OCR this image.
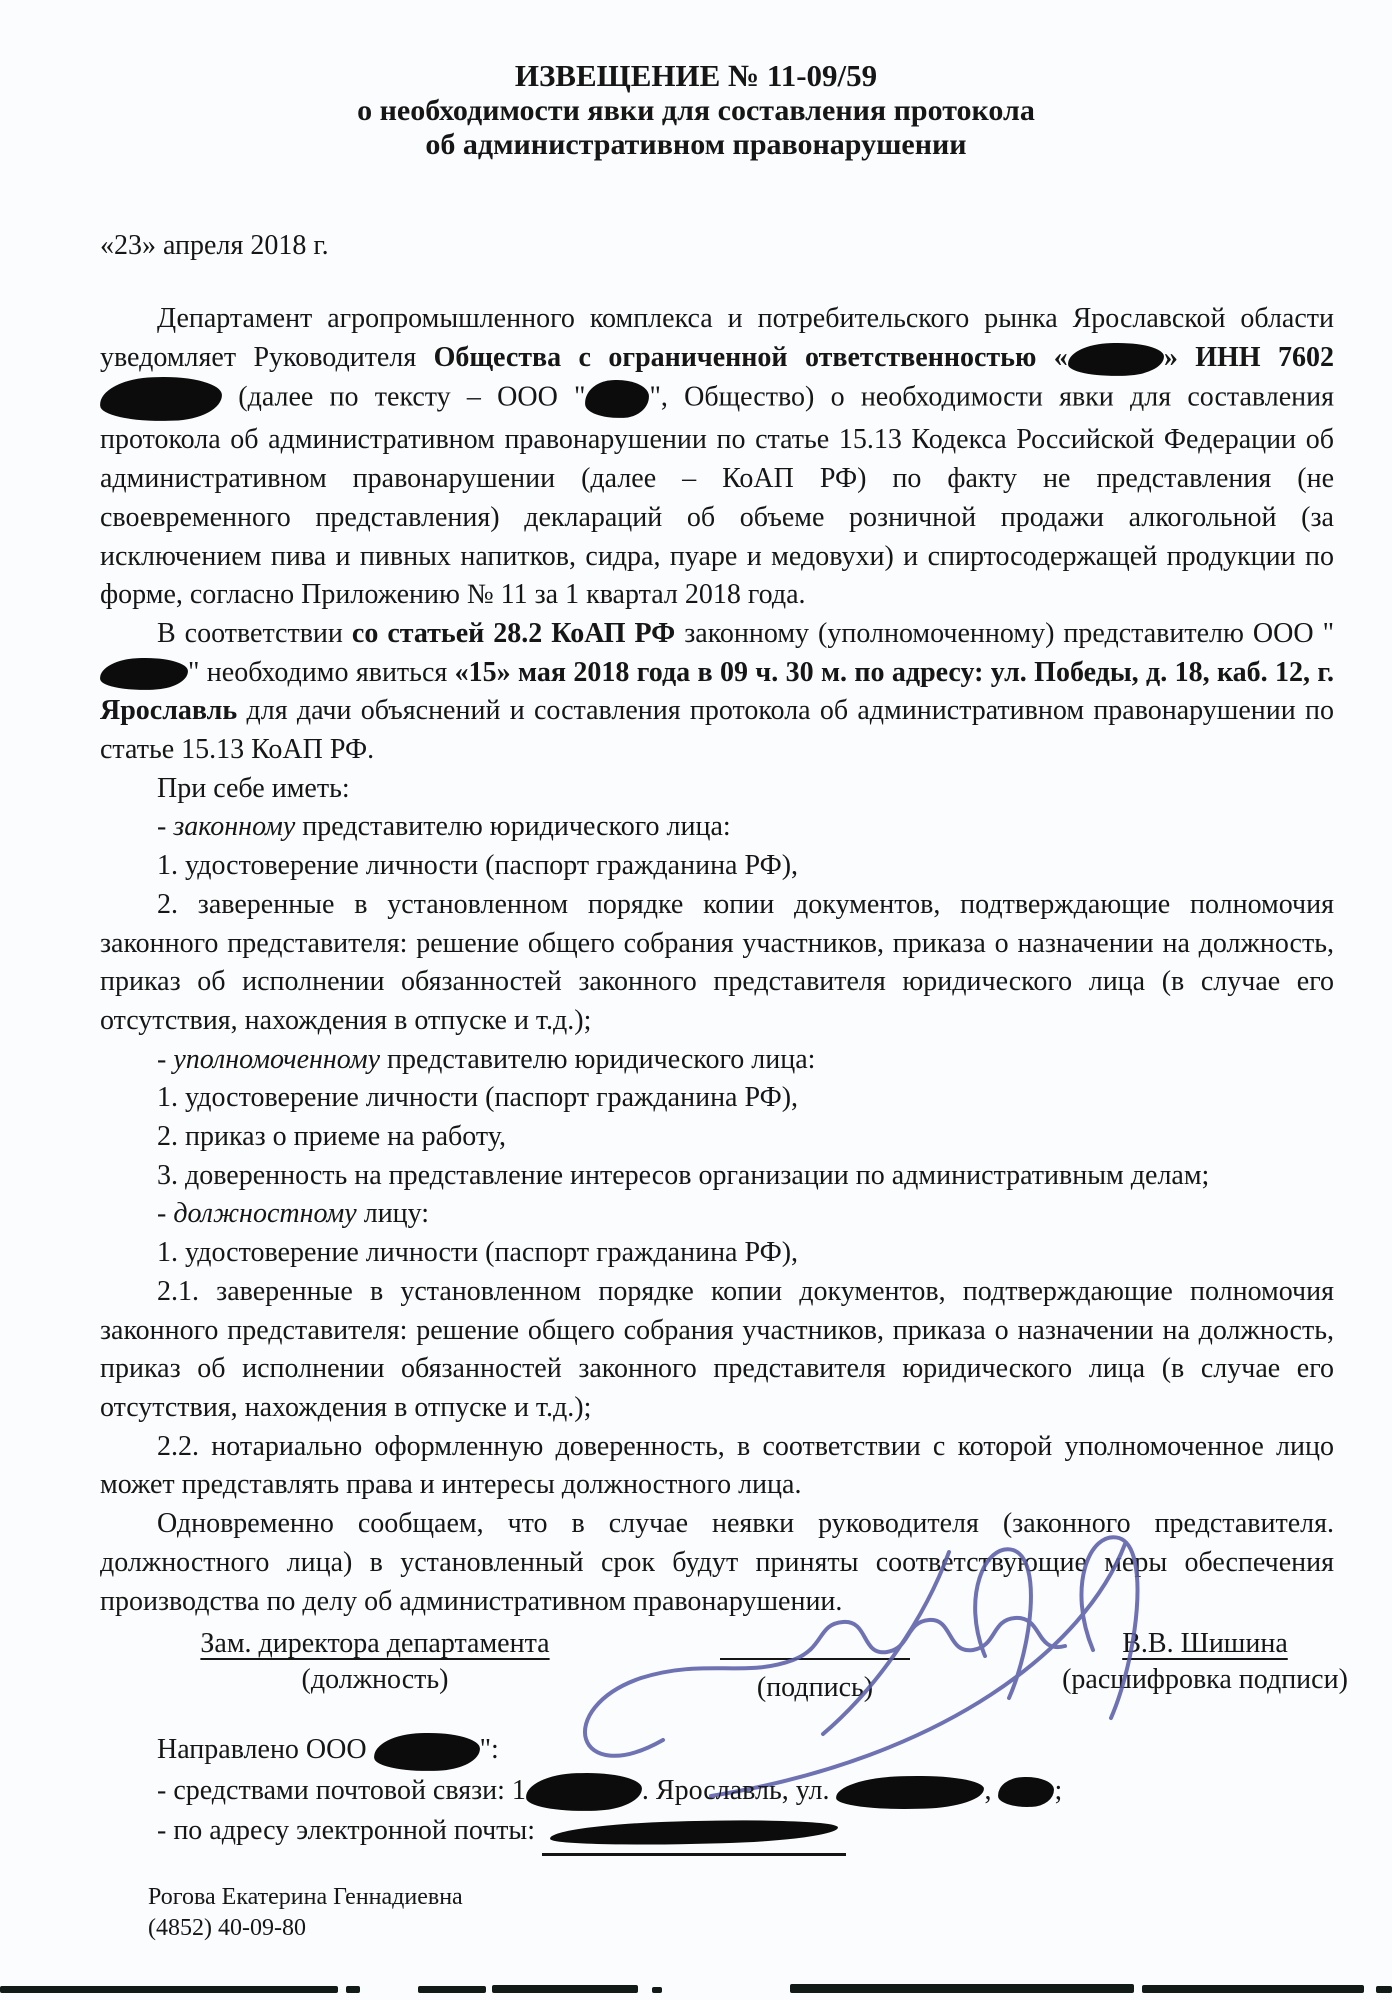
ИЗВЕЩЕНИЕ № 11-09/59
о необходимости явки для составления протокола
об административном правонарушении
«23» апреля 2018 г.

Департамент агропромышленного комплекса и потребительского рынка Ярославской области уведомляет Руководителя Общества с ограниченной ответственностью «	» ИНН 7602 (далее по тексту – ООО " ", Общество) о необходимости явки для составления протокола об административном правонарушении по статье 15.13 Кодекса Российской Федерации об административном правонарушении (далее – КоАП РФ) по факту не представления (не своевременного представления) деклараций об объеме розничной продажи алкогольной (за исключением пива и пивных напитков, сидра, пуаре и медовухи) и спиртосодержащей продукции по форме, согласно Приложению № 11 за 1 квартал 2018 года.

В соответствии со статьей 28.2 КоАП РФ законному (уполномоченному) представителю ООО "" необходимо явиться «15» мая 2018 года в 09 ч. 30 м. по адресу: ул. Победы, д. 18, каб. 12, г. Ярославль для дачи объяснений и составления протокола об административном правонарушении по статье 15.13 КоАП РФ.

При себе иметь:

- законному представителю юридического лица:

1. удостоверение личности (паспорт гражданина РФ),

2. заверенные в установленном порядке копии документов, подтверждающие полномочия законного представителя: решение общего собрания участников, приказа о назначении на должность, приказ об исполнении обязанностей законного представителя юридического лица (в случае его отсутствия, нахождения в отпуске и т.д.);

- уполномоченному представителю юридического лица:

1. удостоверение личности (паспорт гражданина РФ),

2. приказ о приеме на работу,

3. доверенность на представление интересов организации по административным делам;

- должностному лицу:

1. удостоверение личности (паспорт гражданина РФ),

2.1. заверенные в установленном порядке копии документов, подтверждающие полномочия законного представителя: решение общего собрания участников, приказа о назначении на должность, приказ об исполнении обязанностей законного представителя юридического лица (в случае его отсутствия, нахождения в отпуске и т.д.);

2.2. нотариально оформленную доверенность, в соответствии с которой уполномоченное лицо может представлять права и интересы должностного лица.

Одновременно сообщаем, что в случае неявки руководителя (законного представителя. должностного лица) в установленный срок будут приняты соответствующие меры обеспечения производства по делу об административном правонарушении.

Зам. директора департамента
(должность)	(подпись)
В.В. Шишина
(расшифровка подписи)

Направлено ООО	":

- средствами почтовой связи: 1	. Ярославль, ул.	, ;

- по адресу электронной почты:

Рогова Екатерина Геннадиевна
(4852) 40-09-80
